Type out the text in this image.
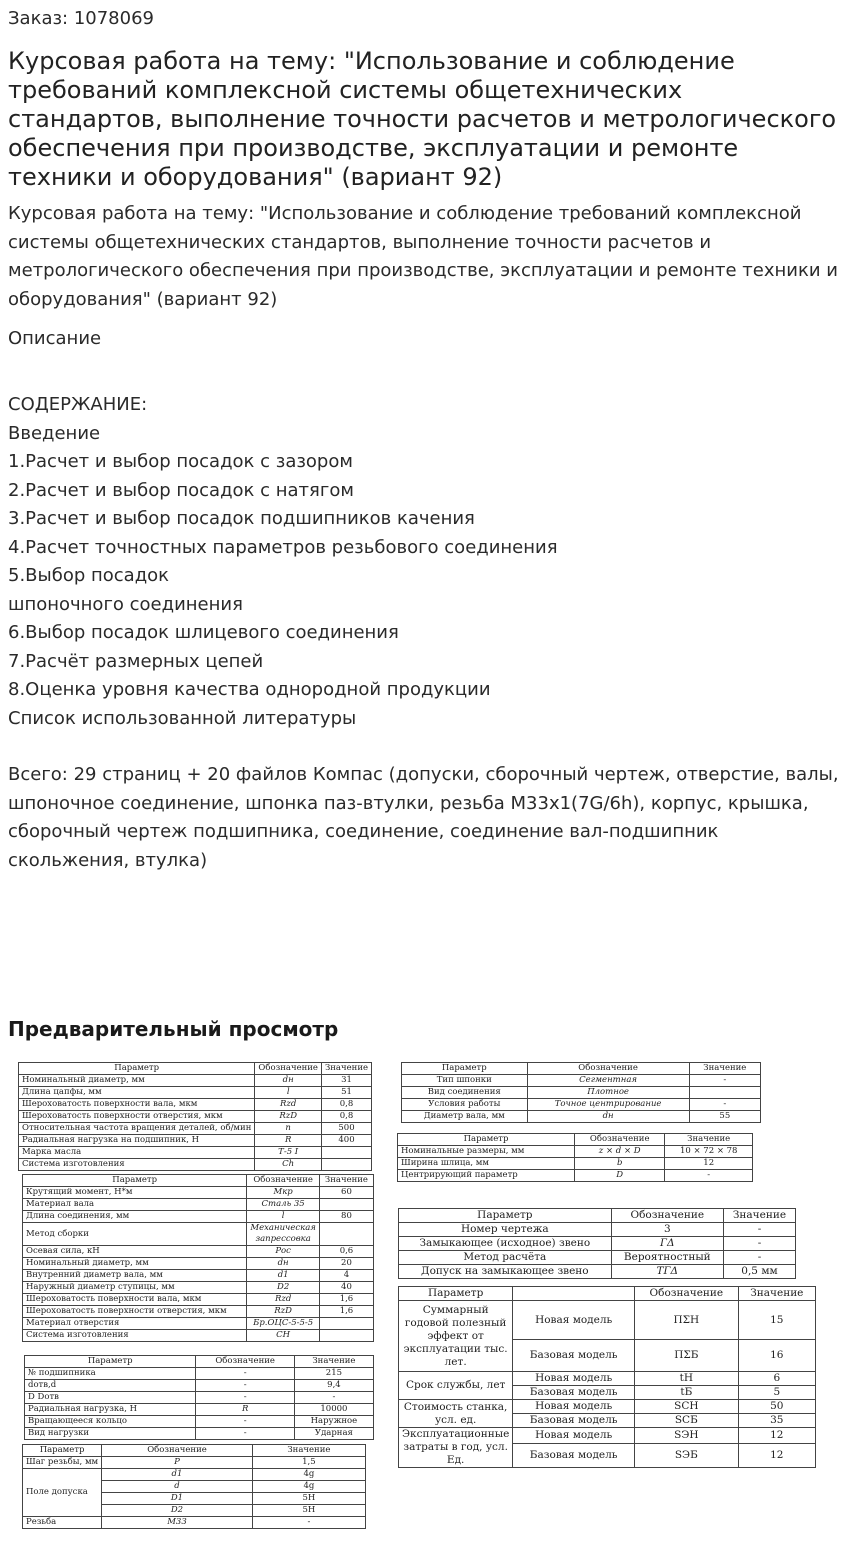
Заказ: 1078069
Курсовая работа на тему: "Использование и соблюдение требований комплексной системы общетехнических стандартов, выполнение точности расчетов и метрологического обеспечения при производстве, эксплуатации и ремонте техники и оборудования" (вариант 92)
Курсовая работа на тему: "Использование и соблюдение требований комплексной системы общетехнических стандартов, выполнение точности расчетов и метрологического обеспечения при производстве, эксплуатации и ремонте техники и оборудования" (вариант 92)
Описание
СОДЕРЖАНИЕ:
Введение
1.Расчет и выбор посадок с зазором
2.Расчет и выбор посадок с натягом
3.Расчет и выбор посадок подшипников качения
4.Расчет точностных параметров резьбового соединения
5.Выбор посадок
шпоночного соединения
6.Выбор посадок шлицевого соединения
7.Расчёт размерных цепей
8.Оценка уровня качества однородной продукции
Список использованной литературы
Всего: 29 страниц + 20 файлов Компас (допуски, сборочный чертеж, отверстие, валы, шпоночное соединение, шпонка паз-втулки, резьба М33х1(7G/6h), корпус, крышка, сборочный чертеж подшипника, соединение, соединение вал-подшипник скольжения, втулка)
Предварительный просмотр
Параметр	Обозначение	Значение
Номинальный диаметр, мм	dн	31
Длина цапфы, мм	l	51
Шероховатость поверхности вала, мкм	Rzd	0,8
Шероховатость поверхности отверстия, мкм	RzD	0,8
Относительная частота вращения деталей, об/мин	n	500
Радиальная нагрузка на подшипник, Н	R	400
Марка масла	Т-5 I	
Система изготовления	Ch	
Параметр	Обозначение	Значение
Крутящий момент, Н*м	Мкр	60
Материал вала	Сталь 35	
Длина соединения, мм	l	80
Метод сборки	Механическая запрессовка	
Осевая сила, кН	Pос	0,6
Номинальный диаметр, мм	dн	20
Внутренний диаметр вала, мм	d1	4
Наружный диаметр ступицы, мм	D2	40
Шероховатость поверхности вала, мкм	Rzd	1,6
Шероховатость поверхности отверстия, мкм	RzD	1,6
Материал отверстия	Бр.ОЦС-5-5-5	
Система изготовления	СН	
Параметр	Обозначение	Значение
№ подшипника	-	215
dотв,d	-	9,4
D Dотв	-	-
Радиальная нагрузка, Н	R	10000
Вращающееся кольцо	-	Наружное
Вид нагрузки	-	Ударная
Параметр	Обозначение	Значение
Шаг резьбы, мм	P	1,5
Поле допуска	d1	4g
	d	4g
	D1	5H
	D2	5H
Резьба	М33	-
Параметр	Обозначение	Значение
Тип шпонки	Сегментная	-
Вид соединения	Плотное	
Условия работы	Точное центрирование	-
Диаметр вала, мм	dн	55
Параметр	Обозначение	Значение
Номинальные размеры, мм	z × d × D	10 × 72 × 78
Ширина шлица, мм	b	12
Центрирующий параметр	D	-
Параметр	Обозначение	Значение
Номер чертежа	3	-
Замыкающее (исходное) звено	ГΔ	-
Метод расчёта	Вероятностный	-
Допуск на замыкающее звено	TГΔ	0,5 мм
Параметр		Обозначение	Значение
Суммарный годовой полезный эффект от эксплуатации тыс. лет.	Новая модель	ПΣН	15
	Базовая модель	ПΣБ	16
Срок службы, лет	Новая модель	tН	6
	Базовая модель	tБ	5
Стоимость станка, усл. ед.	Новая модель	SСН	50
	Базовая модель	SСБ	35
Эксплуатационные затраты в год, усл. Ед.	Новая модель	SЭН	12
	Базовая модель	SЭБ	12
